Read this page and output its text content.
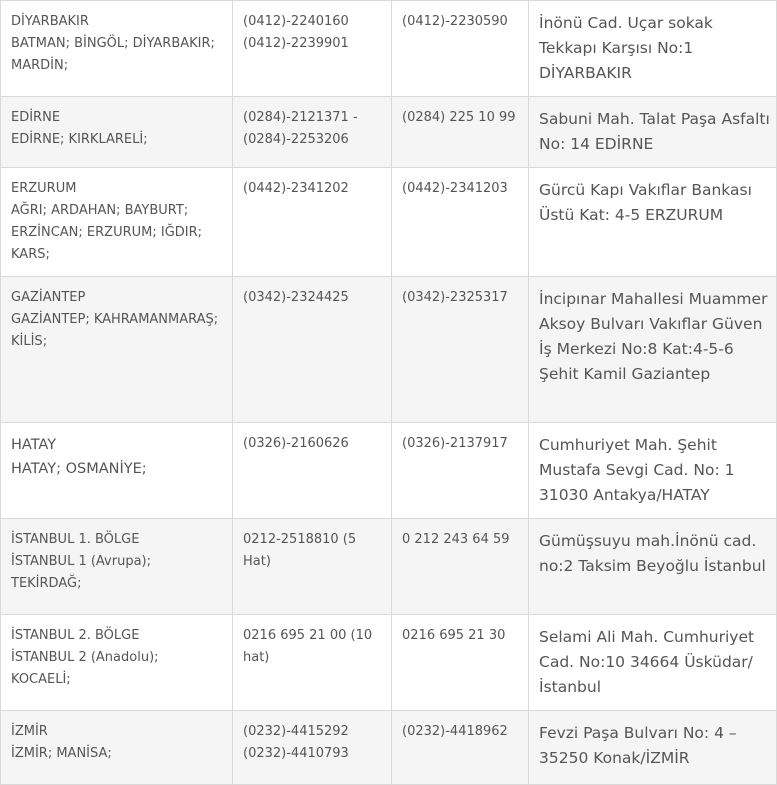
DİYARBAKIR
BATMAN; BİNGÖL; DİYARBAKIR;
MARDİN;	(0412)-2240160
(0412)-2239901	(0412)-2230590	İnönü Cad. Uçar sokak Tekkapı Karşısı No:1 DİYARBAKIR

EDİRNE
EDİRNE; KIRKLARELİ;	(0284)-2121371 -
(0284)-2253206	(0284) 225 10 99	Sabuni Mah. Talat Paşa Asfaltı No: 14 EDİRNE

ERZURUM
AĞRI; ARDAHAN; BAYBURT;
ERZİNCAN; ERZURUM; IĞDIR;
KARS;	(0442)-2341202	(0442)-2341203	Gürcü Kapı Vakıflar Bankası Üstü Kat: 4-5 ERZURUM

GAZİANTEP
GAZİANTEP; KAHRAMANMARAŞ;
KİLİS;	(0342)-2324425	(0342)-2325317	İncipınar Mahallesi Muammer Aksoy Bulvarı Vakıflar Güven İş Merkezi No:8 Kat:4-5-6 Şehit Kamil Gaziantep

HATAY
HATAY; OSMANİYE;	(0326)-2160626	(0326)-2137917	Cumhuriyet Mah. Şehit Mustafa Sevgi Cad. No: 1 31030 Antakya/HATAY

İSTANBUL 1. BÖLGE
İSTANBUL 1 (Avrupa);
TEKİRDAĞ;	0212-2518810 (5 Hat)	0 212 243 64 59	Gümüşsuyu mah.İnönü cad. no:2 Taksim Beyoğlu İstanbul

İSTANBUL 2. BÖLGE
İSTANBUL 2 (Anadolu);
KOCAELİ;	0216 695 21 00 (10 hat)	0216 695 21 30	Selami Ali Mah. Cumhuriyet Cad. No:10 34664 Üsküdar/ İstanbul

İZMİR
İZMİR; MANİSA;	(0232)-4415292
(0232)-4410793	(0232)-4418962	Fevzi Paşa Bulvarı No: 4 – 35250 Konak/İZMİR
